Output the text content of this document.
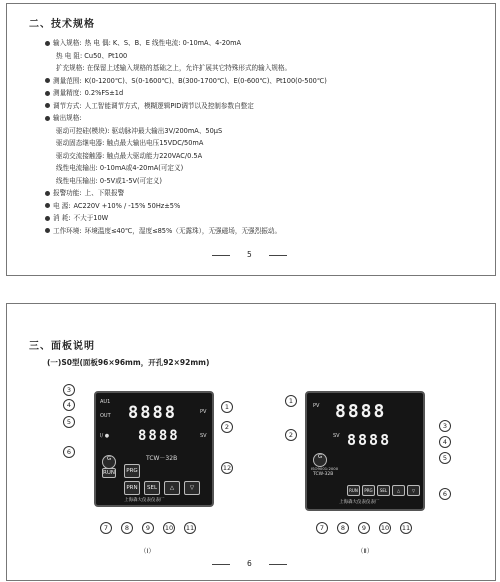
二、技术规格
输入规格: 热 电 偶: K、S、B、E 线性电流: 0-10mA、4-20mA
热 电 阻: Cu50、Pt100
扩充规格: 在保留上述输入规格的基础之上，允许扩展其它特殊形式的输入规格。
测量范围: K(0-1200℃)、S(0-1600℃)、B(300-1700℃)、E(0-600℃)、Pt100(0-500℃)
测量精度: 0.2%FS±1d
调节方式: 人工智能调节方式，模糊逻辑PID调节以及控制参数自整定
输出规格:
驱动可控硅(模块): 驱动脉冲最大输出3V/200mA、50μS
驱动固态继电器: 触点最大输出电压15VDC/50mA
驱动交流接触器: 触点最大驱动能力220VAC/0.5A
线性电流输出: 0-10mA或4-20mA(可定义)
线性电压输出: 0-5V或1-5V(可定义)
报警功能: 上、下限报警
电 源: AC220V +10% / -15% 50Hz±5%
消 耗: 不大于10W
工作环境: 环境温度≤40℃，湿度≤85%（无露珠），无强磁场，无强烈振动。
5
三、面板说明
(一)S0型(面板96×96mm，开孔92×92mm)
AU1
OUT
I/ ●
8888	PV
8888	SV
TCW－32B
G
RUN	PRG
PRN	SEL	△	▽
上海森大仪表仪表厂
3
4
5
6
1
2
12
7	8	9	10 11
（Ⅰ）
PV 8888
SV 8888
G
ISO9001:2000
TCW-32B
RUN	PRG	SEL	△	▽
上海森大仪表仪表厂
1
2
3
4
5
6
7	8	9	10 11
（Ⅱ）
6
